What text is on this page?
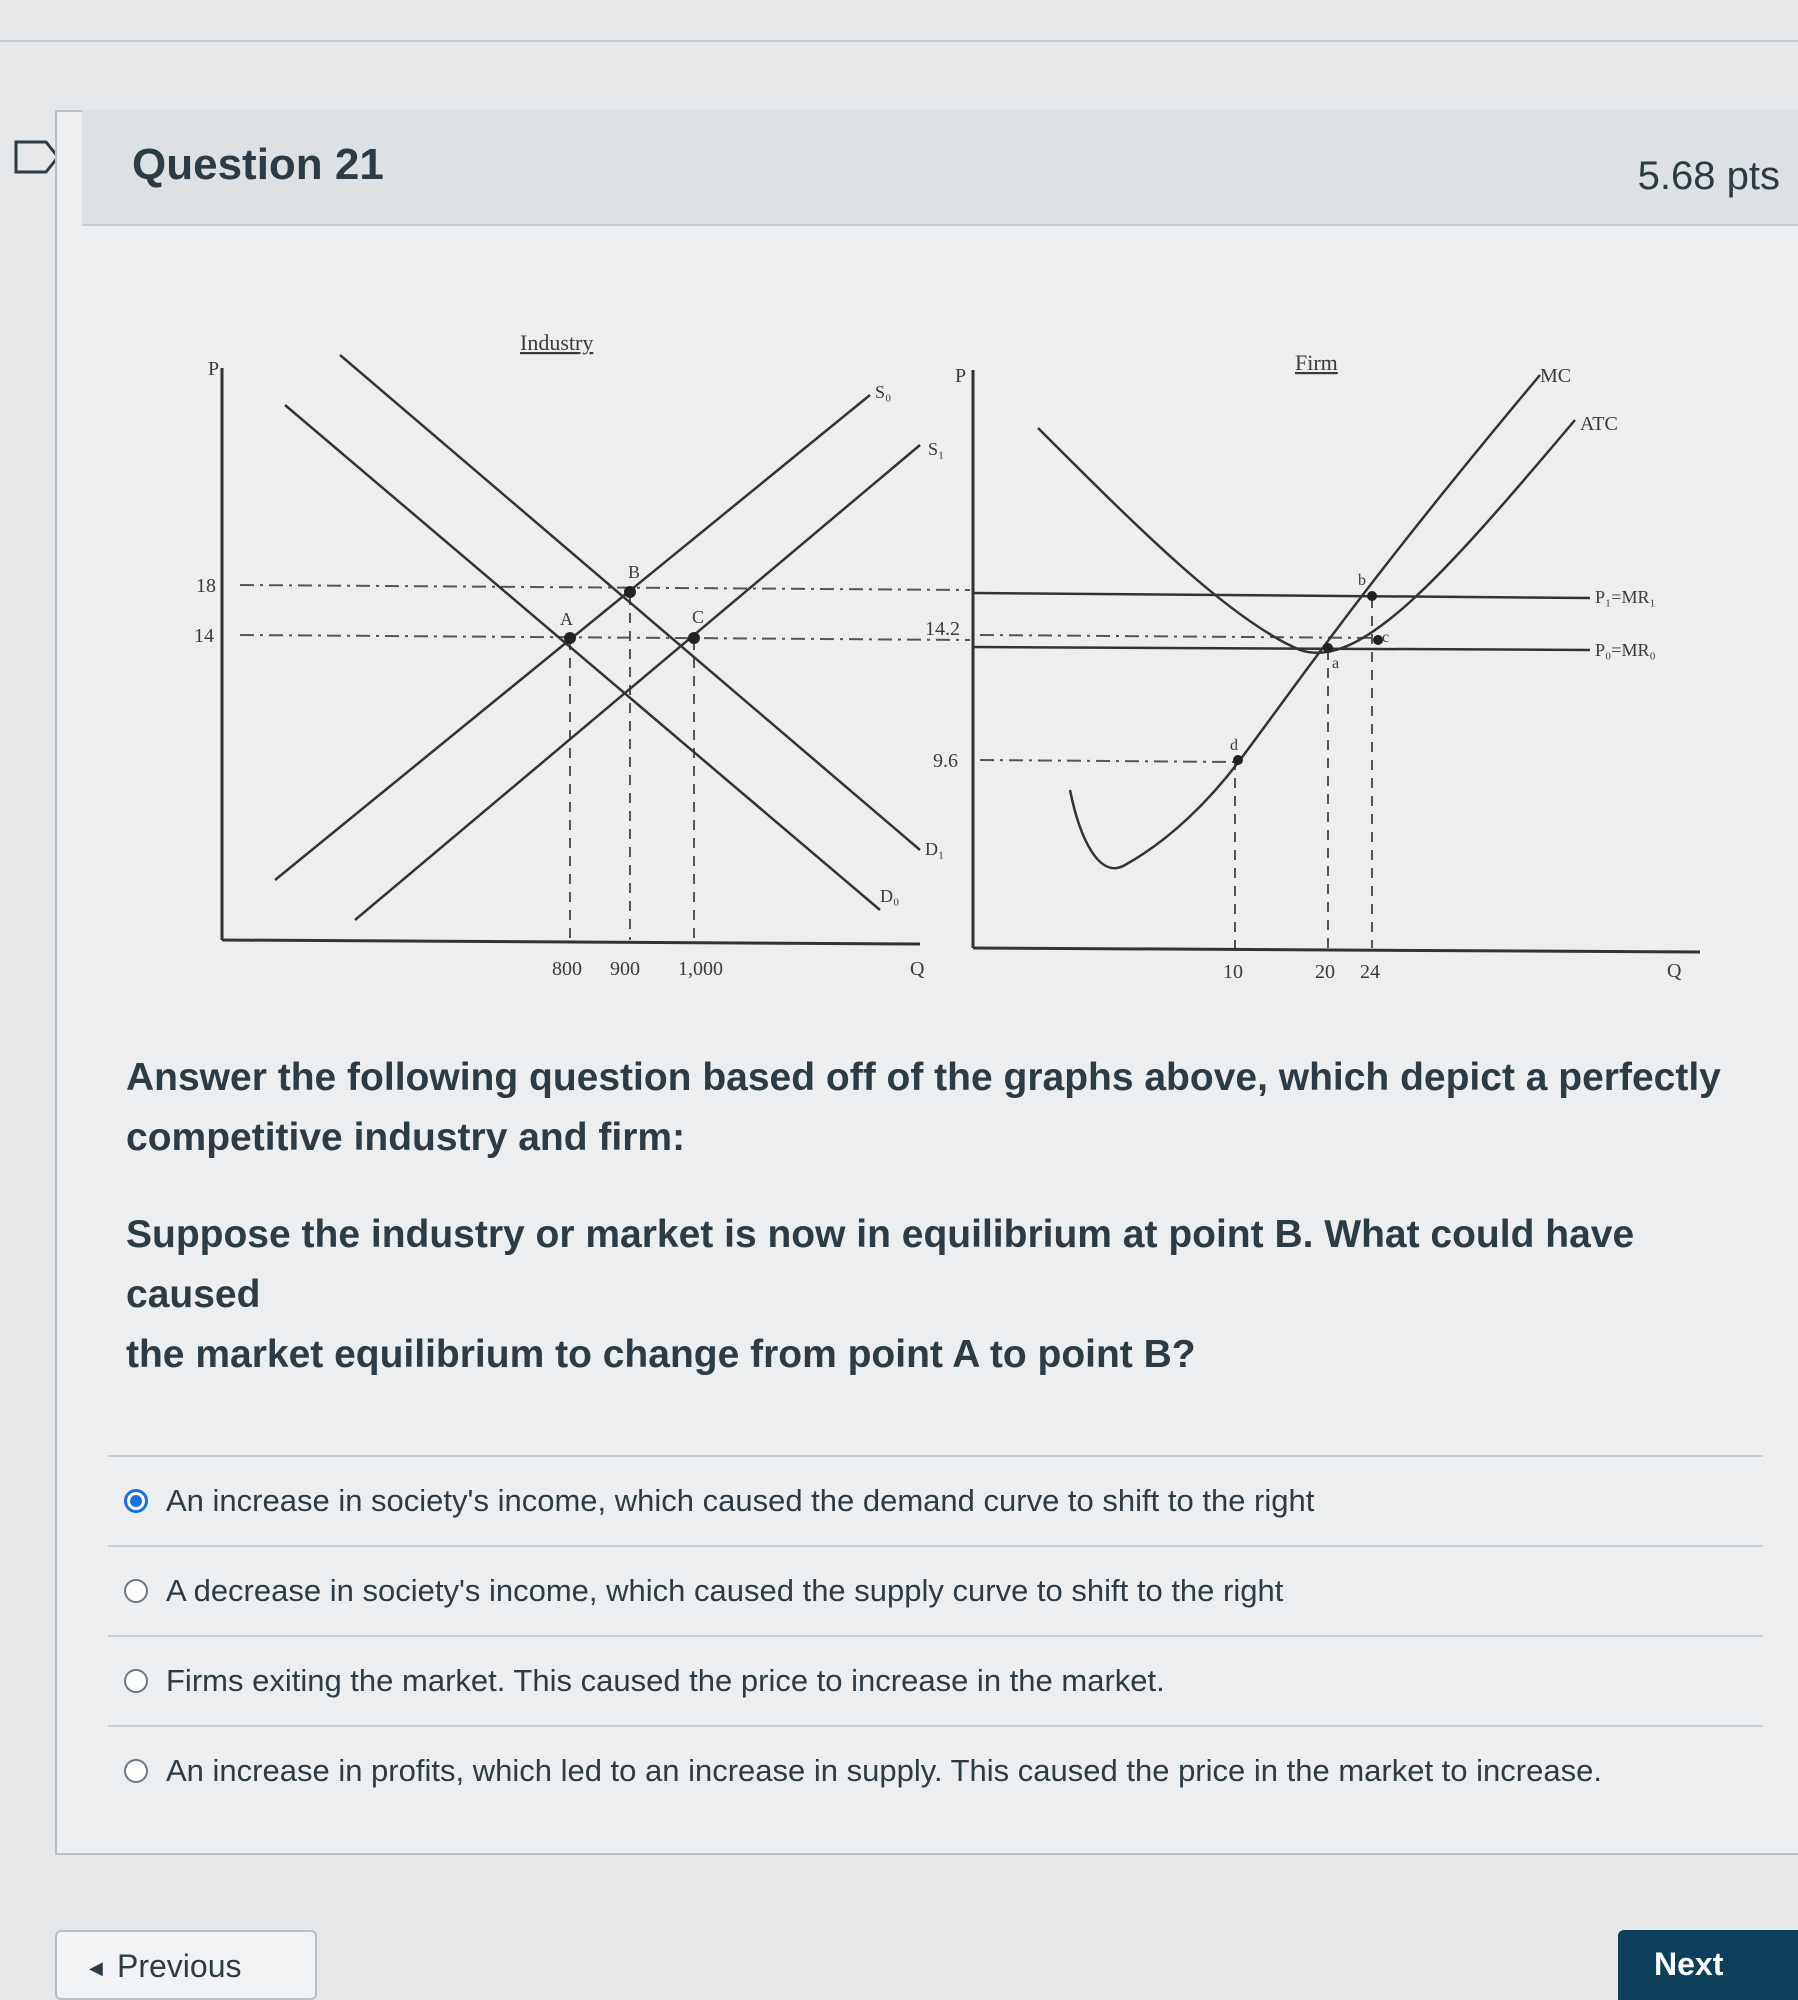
Question 21	5.68 pts
P
Q
Industry
18
14
800 900 1,000
S₀
S₁
D₀
D₁
A
B
C
P
Q
Firm
P₁=MR₁
P₀=MR₀
14.2
9.6
10	20 24
ATC
MC
a
b
c
d
Answer the following question based off of the graphs above, which depict a perfectly
competitive industry and firm:
Suppose the industry or market is now in equilibrium at point B. What could have caused
the market equilibrium to change from point A to point B?
An increase in society's income, which caused the demand curve to shift to the right
A decrease in society's income, which caused the supply curve to shift to the right
Firms exiting the market. This caused the price to increase in the market.
An increase in profits, which led to an increase in supply. This caused the price in the market to increase.
◀ Previous	Next
